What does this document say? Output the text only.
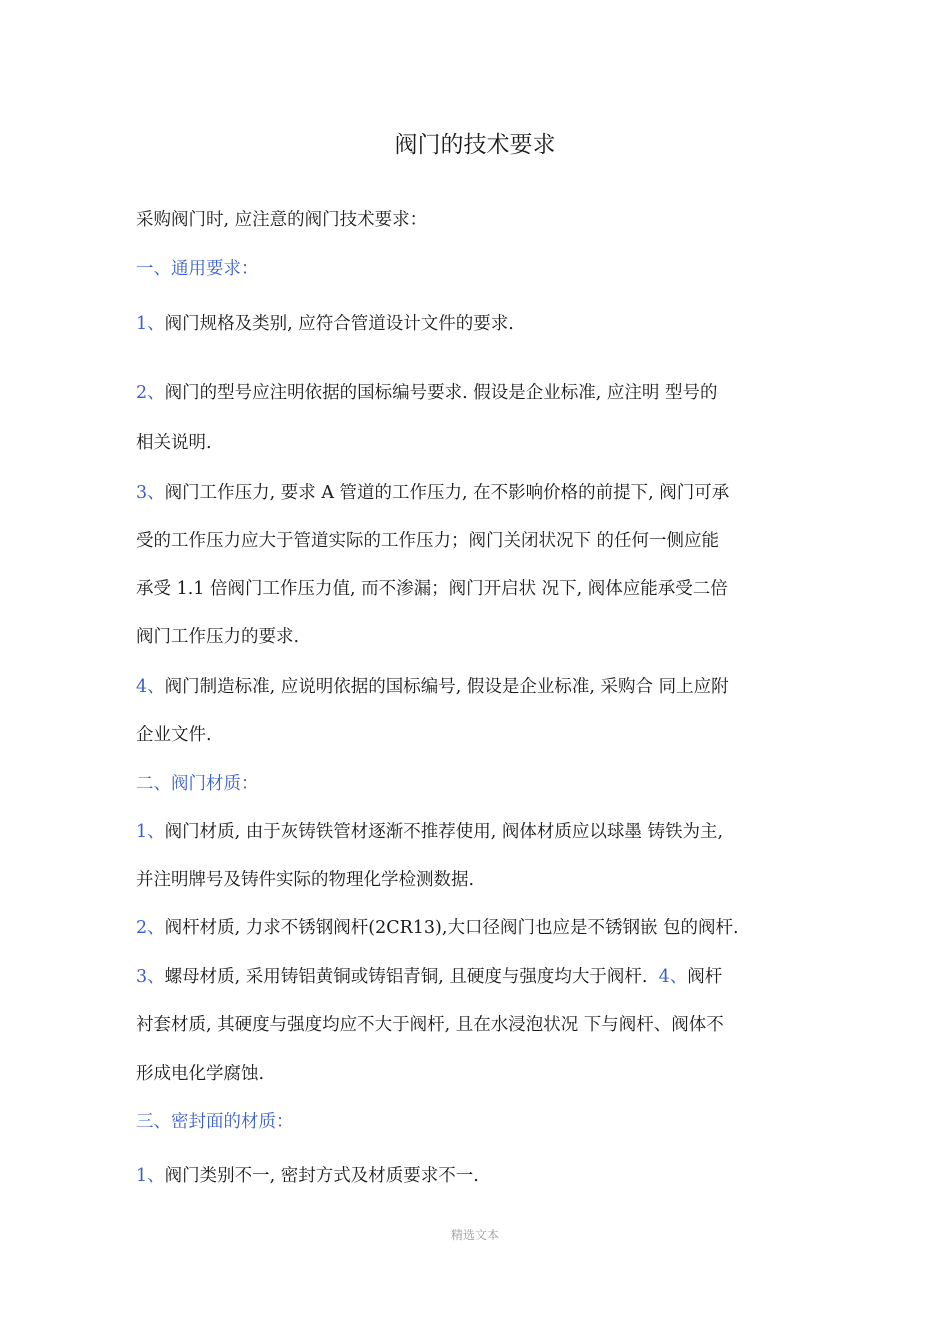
阀门的技术要求

采购阀门时, 应注意的阀门技术要求：

一、通用要求：

1、阀门规格及类别, 应符合管道设计文件的要求.

2、阀门的型号应注明依据的国标编号要求. 假设是企业标准, 应注明 型号的

相关说明.

3、阀门工作压力, 要求 A 管道的工作压力, 在不影响价格的前提下, 阀门可承

受的工作压力应大于管道实际的工作压力；阀门关闭状况下 的任何一侧应能

承受 1.1 倍阀门工作压力值, 而不渗漏；阀门开启状 况下, 阀体应能承受二倍

阀门工作压力的要求.

4、阀门制造标准, 应说明依据的国标编号, 假设是企业标准, 采购合 同上应附

企业文件.

二、阀门材质：

1、阀门材质, 由于灰铸铁管材逐渐不推荐使用, 阀体材质应以球墨 铸铁为主,

并注明牌号及铸件实际的物理化学检测数据.

2、阀杆材质, 力求不锈钢阀杆(2CR13),大口径阀门也应是不锈钢嵌 包的阀杆.

3、螺母材质, 采用铸铝黄铜或铸铝青铜, 且硬度与强度均大于阀杆. 4、阀杆

衬套材质, 其硬度与强度均应不大于阀杆, 且在水浸泡状况 下与阀杆、阀体不

形成电化学腐蚀.

三、密封面的材质：

1、阀门类别不一, 密封方式及材质要求不一.

精选文本
